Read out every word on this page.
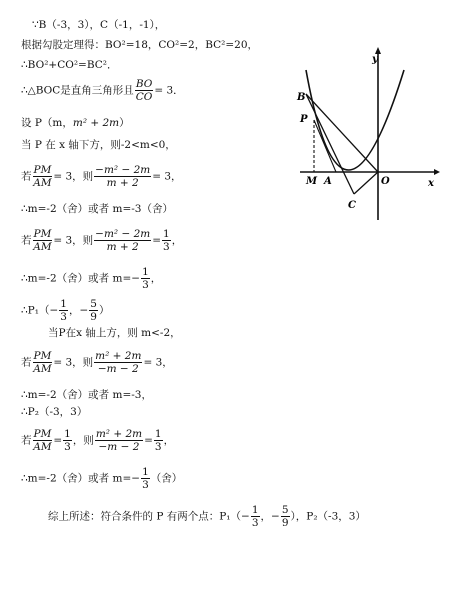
∵B（-3，3），C（-1，-1），
根据勾股定理得：BO²=18，CO²=2，BC²=20，
∴BO²+CO²=BC²．
∴△BOC是直角三角形且 $\frac{BO}{CO} = 3$．
设 P（m，m² + 2m）
当 P 在 x 轴下方，则-2<m<0，
若 $\frac{PM}{AM} = 3$，则 $\frac{\text{−m² − 2m}}{m + 2} = 3$，
∴m=-2（舍）或者 m=-3（舍）
若 $\frac{PM}{AM} = 3$，则 $\frac{\text{−m² − 2m}}{m + 2} = \frac{1}{3}$ ，
∴m=-2（舍）或者 $m=- \frac{1}{3}$ ，
∴P₁（− $\frac{1}{3}$ ，− $\frac{5}{9}$ ）
当P在x 轴上方，则 m<-2，
若 $\frac{PM}{AM} = 3$，则 $\frac{\text{m² + 2m}}{-m - 2} = 3$，
∴m=-2（舍）或者 m=-3，
∴P₂（-3，3）
若 $\frac{PM}{AM} = \frac{1}{3}$ ，则 $\frac{\text{m² + 2m}}{-m - 2} = \frac{1}{3}$ ，
∴m=-2（舍）或者 $m=- \frac{1}{3}$ （舍）
综上所述：符合条件的 P 有两个点：$P_1(- \frac{1}{3}$ ，− $\frac{5}{9}$ ），P₂（-3，3）
y
x
B
P
M A	O
C
